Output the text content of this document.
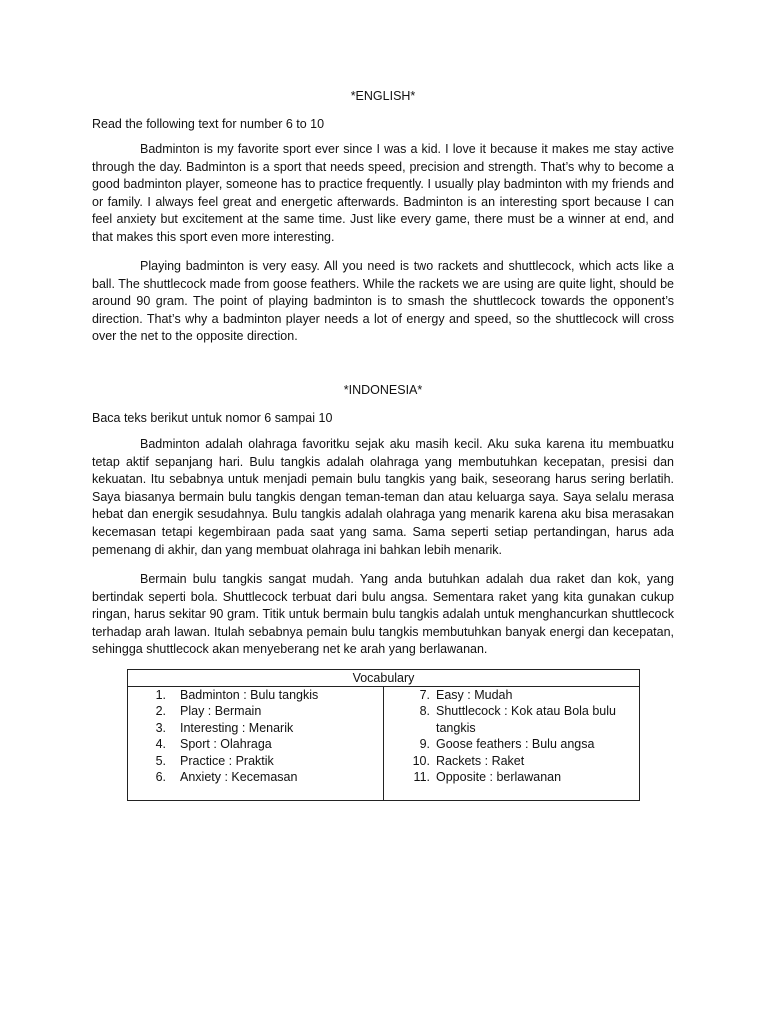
*ENGLISH*

Read the following text for number 6 to 10

Badminton is my favorite sport ever since I was a kid. I love it because it makes me stay active through the day. Badminton is a sport that needs speed, precision and strength. That’s why to become a good badminton player, someone has to practice frequently. I usually play badminton with my friends and or family. I always feel great and energetic afterwards. Badminton is an interesting sport because I can feel anxiety but excitement at the same time. Just like every game, there must be a winner at end, and that makes this sport even more interesting.

Playing badminton is very easy. All you need is two rackets and shuttlecock, which acts like a ball. The shuttlecock made from goose feathers. While the rackets we are using are quite light, should be around 90 gram. The point of playing badminton is to smash the shuttlecock towards the opponent’s direction. That’s why a badminton player needs a lot of energy and speed, so the shuttlecock will cross over the net to the opposite direction.

*INDONESIA*

Baca teks berikut untuk nomor 6 sampai 10

Badminton adalah olahraga favoritku sejak aku masih kecil. Aku suka karena itu membuatku tetap aktif sepanjang hari. Bulu tangkis adalah olahraga yang membutuhkan kecepatan, presisi dan kekuatan. Itu sebabnya untuk menjadi pemain bulu tangkis yang baik, seseorang harus sering berlatih. Saya biasanya bermain bulu tangkis dengan teman-teman dan atau keluarga saya. Saya selalu merasa hebat dan energik sesudahnya. Bulu tangkis adalah olahraga yang menarik karena aku bisa merasakan kecemasan tetapi kegembiraan pada saat yang sama. Sama seperti setiap pertandingan, harus ada pemenang di akhir, dan yang membuat olahraga ini bahkan lebih menarik.

Bermain bulu tangkis sangat mudah. Yang anda butuhkan adalah dua raket dan kok, yang bertindak seperti bola. Shuttlecock terbuat dari bulu angsa. Sementara raket yang kita gunakan cukup ringan, harus sekitar 90 gram. Titik untuk bermain bulu tangkis adalah untuk menghancurkan shuttlecock terhadap arah lawan. Itulah sebabnya pemain bulu tangkis membutuhkan banyak energi dan kecepatan, sehingga shuttlecock akan menyeberang net ke arah yang berlawanan.

Vocabulary
1. Badminton : Bulu tangkis
2. Play : Bermain
3. Interesting : Menarik
4. Sport : Olahraga
5. Practice : Praktik
6. Anxiety : Kecemasan
7. Easy : Mudah
8. Shuttlecock : Kok atau Bola bulu tangkis
9. Goose feathers : Bulu angsa
10. Rackets : Raket
11. Opposite : berlawanan
